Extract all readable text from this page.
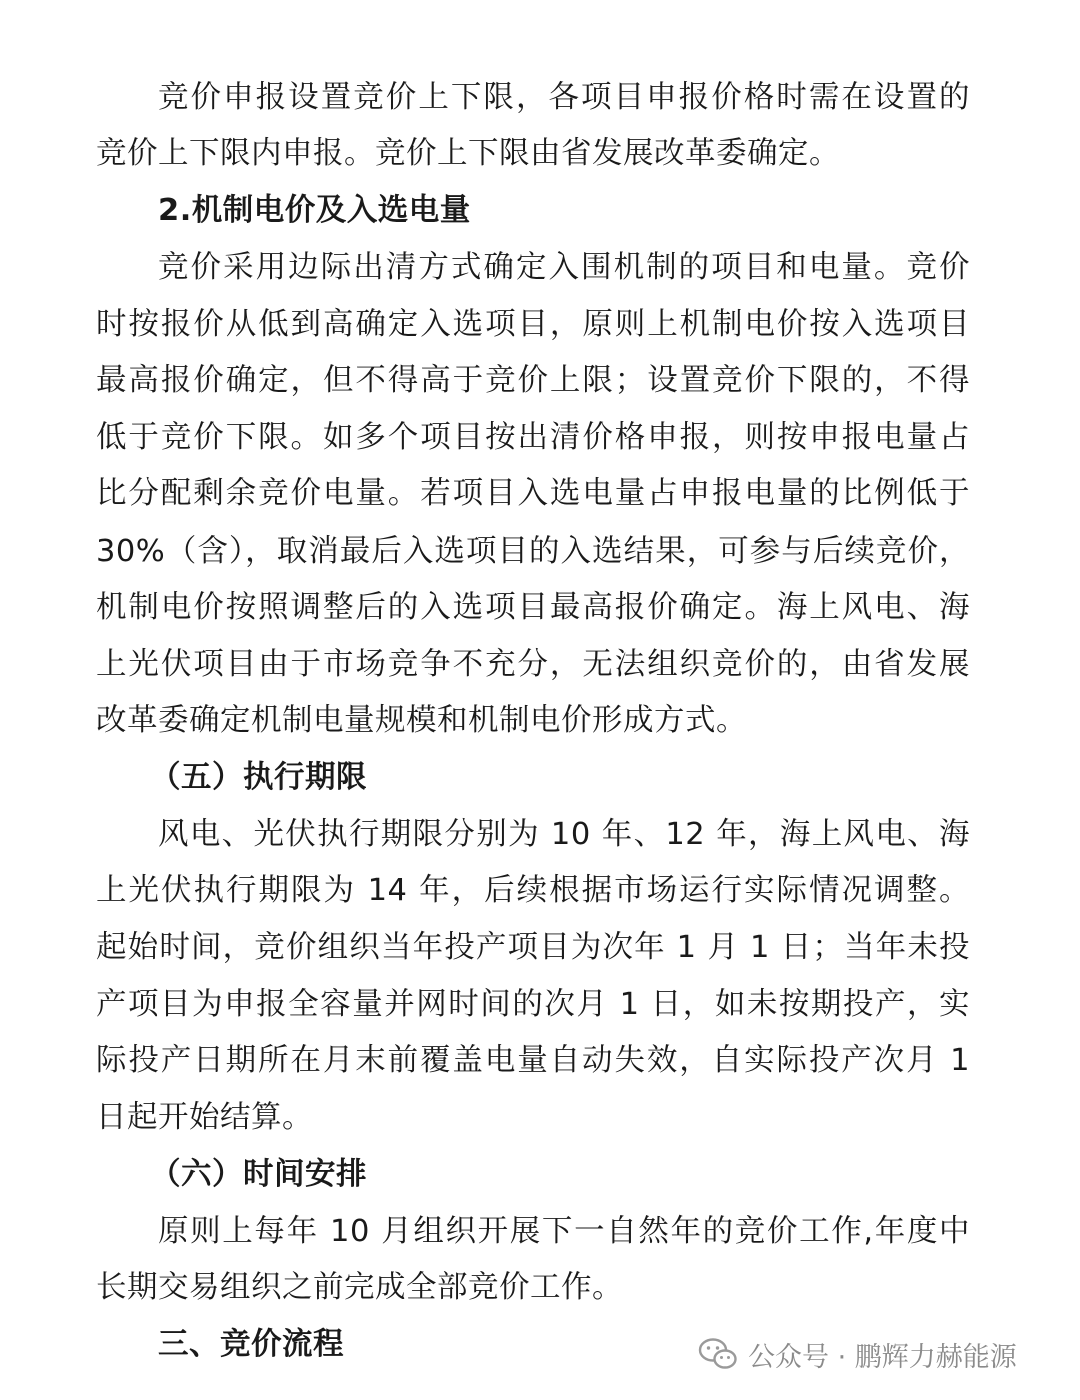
竞价申报设置竞价上下限，各项目申报价格时需在设置的
竞价上下限内申报。竞价上下限由省发展改革委确定。
2.机制电价及入选电量
竞价采用边际出清方式确定入围机制的项目和电量。竞价
时按报价从低到高确定入选项目，原则上机制电价按入选项目
最高报价确定，但不得高于竞价上限；设置竞价下限的，不得
低于竞价下限。如多个项目按出清价格申报，则按申报电量占
比分配剩余竞价电量。若项目入选电量占申报电量的比例低于
30%（含），取消最后入选项目的入选结果，可参与后续竞价，
机制电价按照调整后的入选项目最高报价确定。海上风电、海
上光伏项目由于市场竞争不充分，无法组织竞价的，由省发展
改革委确定机制电量规模和机制电价形成方式。
（五）执行期限
风电、光伏执行期限分别为 10 年、12 年，海上风电、海
上光伏执行期限为 14 年，后续根据市场运行实际情况调整。
起始时间，竞价组织当年投产项目为次年 1 月 1 日；当年未投
产项目为申报全容量并网时间的次月 1 日，如未按期投产，实
际投产日期所在月末前覆盖电量自动失效，自实际投产次月 1
日起开始结算。
（六）时间安排
原则上每年 10 月组织开展下一自然年的竞价工作,年度中
长期交易组织之前完成全部竞价工作。
三、竞价流程	公众号 · 鹏辉力赫能源
